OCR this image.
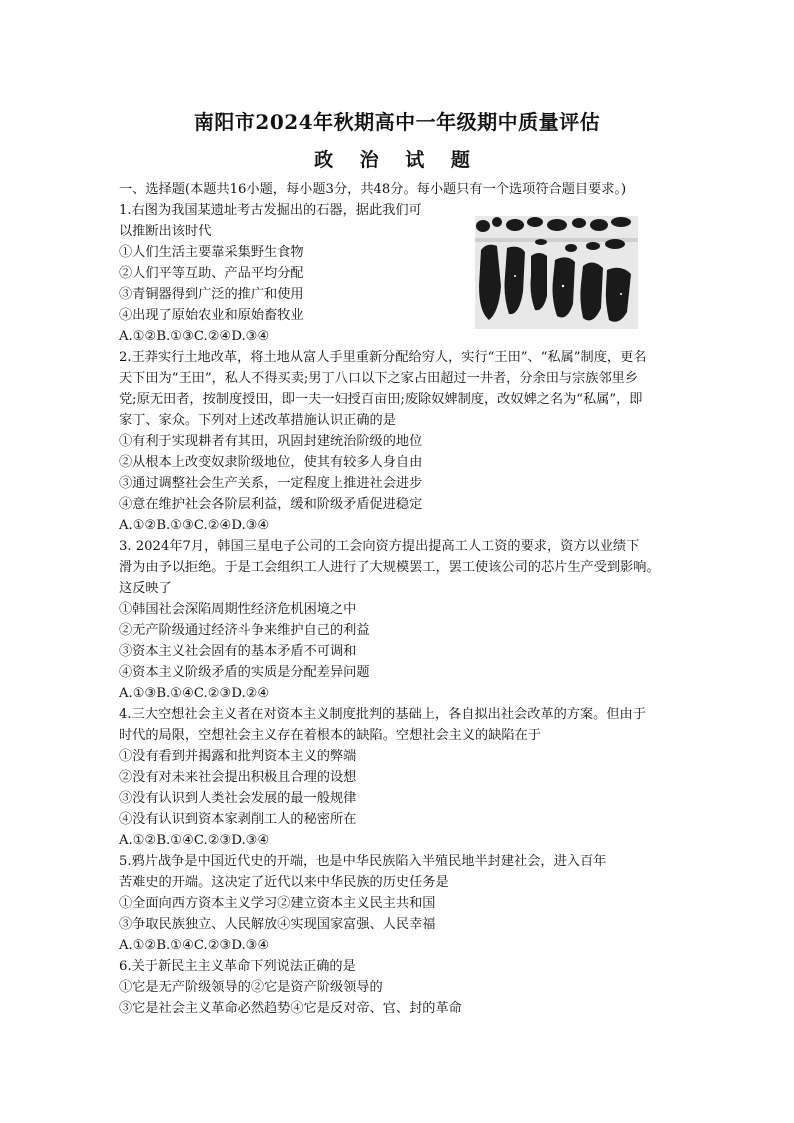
南阳市2024年秋期高中一年级期中质量评估
政 治 试 题
一、选择题(本题共16小题，每小题3分，共48分。每小题只有一个选项符合题目要求。)
1.右图为我国某遗址考古发掘出的石器，据此我们可
以推断出该时代
①人们生活主要靠采集野生食物
②人们平等互助、产品平均分配
③青铜器得到广泛的推广和使用
④出现了原始农业和原始畜牧业
A.①②B.①③C.②④D.③④
2.王莽实行土地改革，将土地从富人手里重新分配给穷人，实行“王田”、“私属”制度，更名
天下田为“王田”，私人不得买卖;男丁八口以下之家占田超过一井者，分余田与宗族邻里乡
党;原无田者，按制度授田，即一夫一妇授百亩田;废除奴婢制度，改奴婢之名为“私属”，即
家丁、家众。下列对上述改革措施认识正确的是
①有利于实现耕者有其田，巩固封建统治阶级的地位
②从根本上改变奴隶阶级地位，使其有较多人身自由
③通过调整社会生产关系，一定程度上推进社会进步
④意在维护社会各阶层利益，缓和阶级矛盾促进稳定
A.①②B.①③C.②④D.③④
3. 2024年7月，韩国三星电子公司的工会向资方提出提高工人工资的要求，资方以业绩下
滑为由予以拒绝。于是工会组织工人进行了大规模罢工，罢工使该公司的芯片生产受到影响。
这反映了
①韩国社会深陷周期性经济危机困境之中
②无产阶级通过经济斗争来维护自己的利益
③资本主义社会固有的基本矛盾不可调和
④资本主义阶级矛盾的实质是分配差异问题
A.①③B.①④C.②③D.②④
4.三大空想社会主义者在对资本主义制度批判的基础上，各自拟出社会改革的方案。但由于
时代的局限，空想社会主义存在着根本的缺陷。空想社会主义的缺陷在于
①没有看到并揭露和批判资本主义的弊端
②没有对未来社会提出积极且合理的设想
③没有认识到人类社会发展的最一般规律
④没有认识到资本家剥削工人的秘密所在
A.①②B.①④C.②③D.③④
5.鸦片战争是中国近代史的开端，也是中华民族陷入半殖民地半封建社会，进入百年
苦难史的开端。这决定了近代以来中华民族的历史任务是
①全面向西方资本主义学习②建立资本主义民主共和国
③争取民族独立、人民解放④实现国家富强、人民幸福
A.①②B.①④C.②③D.③④
6.关于新民主主义革命下列说法正确的是
①它是无产阶级领导的②它是资产阶级领导的
③它是社会主义革命必然趋势④它是反对帝、官、封的革命
